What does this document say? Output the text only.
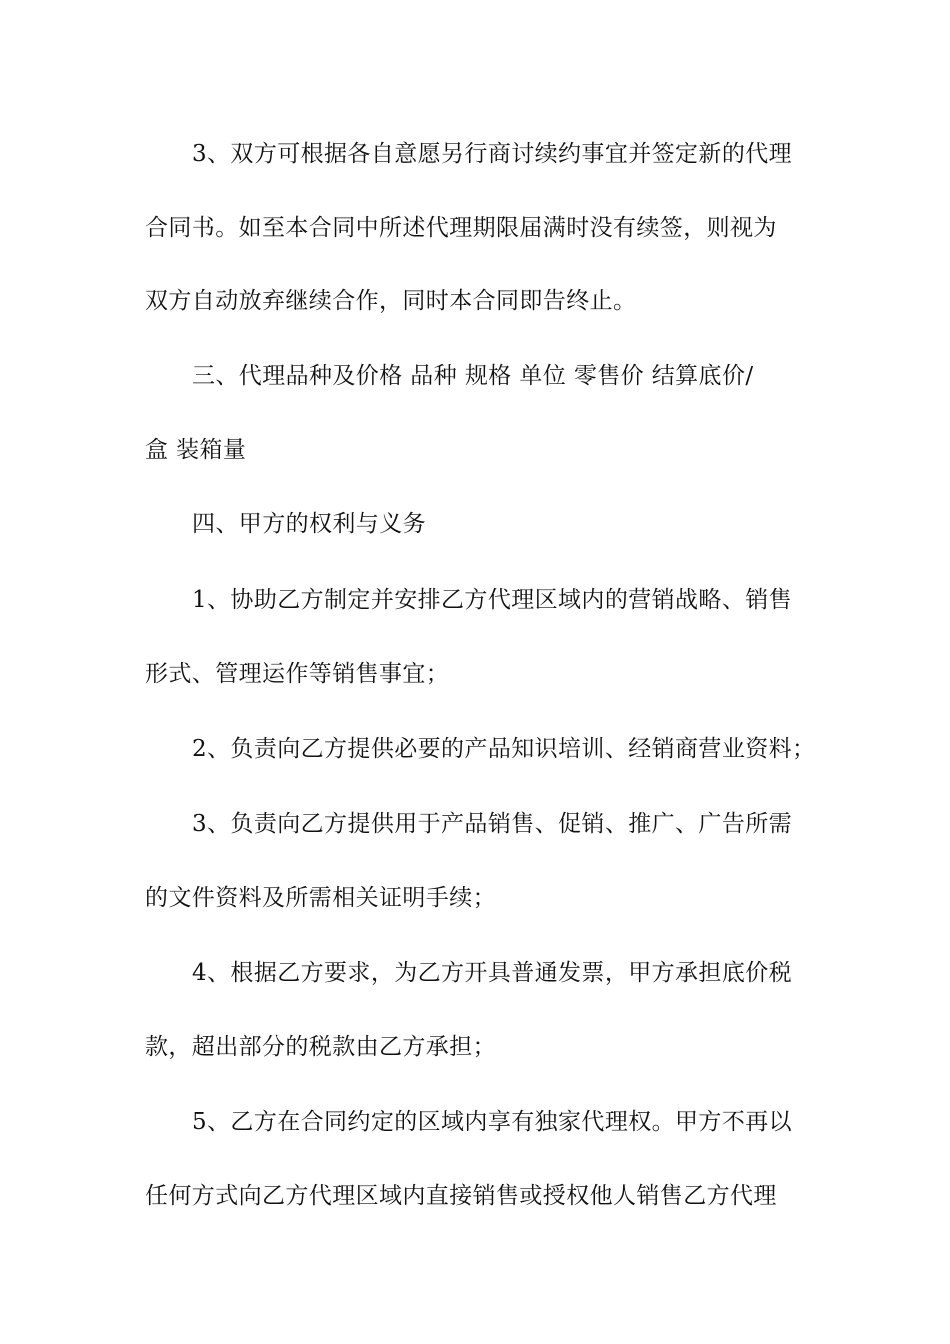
3、双方可根据各自意愿另行商讨续约事宜并签定新的代理
合同书。如至本合同中所述代理期限届满时没有续签，则视为
双方自动放弃继续合作，同时本合同即告终止。
三、代理品种及价格 品种 规格 单位 零售价 结算底价/
盒 装箱量
四、甲方的权利与义务
1、协助乙方制定并安排乙方代理区域内的营销战略、销售
形式、管理运作等销售事宜；
2、负责向乙方提供必要的产品知识培训、经销商营业资料；
3、负责向乙方提供用于产品销售、促销、推广、广告所需
的文件资料及所需相关证明手续；
4、根据乙方要求，为乙方开具普通发票，甲方承担底价税
款，超出部分的税款由乙方承担；
5、乙方在合同约定的区域内享有独家代理权。甲方不再以
任何方式向乙方代理区域内直接销售或授权他人销售乙方代理
